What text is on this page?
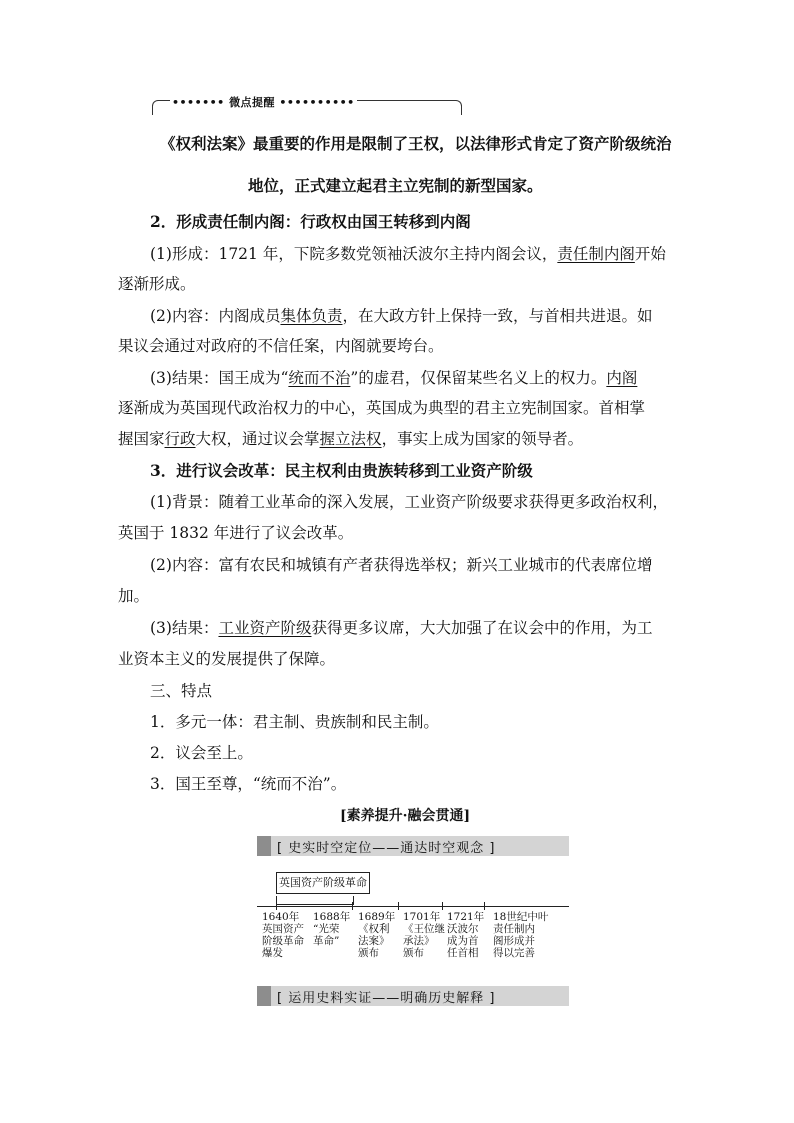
••••••• 微点提醒 ••••••••••
《权利法案》最重要的作用是限制了王权，以法律形式肯定了资产阶级统治
地位，正式建立起君主立宪制的新型国家。
2．形成责任制内阁：行政权由国王转移到内阁
(1)形成：1721 年，下院多数党领袖沃波尔主持内阁会议，责任制内阁开始
逐渐形成。
(2)内容：内阁成员集体负责，在大政方针上保持一致，与首相共进退。如
果议会通过对政府的不信任案，内阁就要垮台。
(3)结果：国王成为“统而不治”的虚君，仅保留某些名义上的权力。内阁
逐渐成为英国现代政治权力的中心，英国成为典型的君主立宪制国家。首相掌
握国家行政大权，通过议会掌握立法权，事实上成为国家的领导者。
3．进行议会改革：民主权利由贵族转移到工业资产阶级
(1)背景：随着工业革命的深入发展，工业资产阶级要求获得更多政治权利，
英国于 1832 年进行了议会改革。
(2)内容：富有农民和城镇有产者获得选举权；新兴工业城市的代表席位增
加。
(3)结果：工业资产阶级获得更多议席，大大加强了在议会中的作用，为工
业资本主义的发展提供了保障。
三、特点
1．多元一体：君主制、贵族制和民主制。
2．议会至上。
3．国王至尊，“统而不治”。
[素养提升·融会贯通]
[ 史实时空定位——通达时空观念 ]
英国资产阶级革命
1640年
英国资产
阶级革命
爆发
1688年
“光荣
革命”
1689年
《权利
法案》
颁布
1701年
《王位继
承法》
颁布
1721年
沃波尔
成为首
任首相
18世纪中叶
责任制内
阁形成并
得以完善
[ 运用史料实证——明确历史解释 ]
